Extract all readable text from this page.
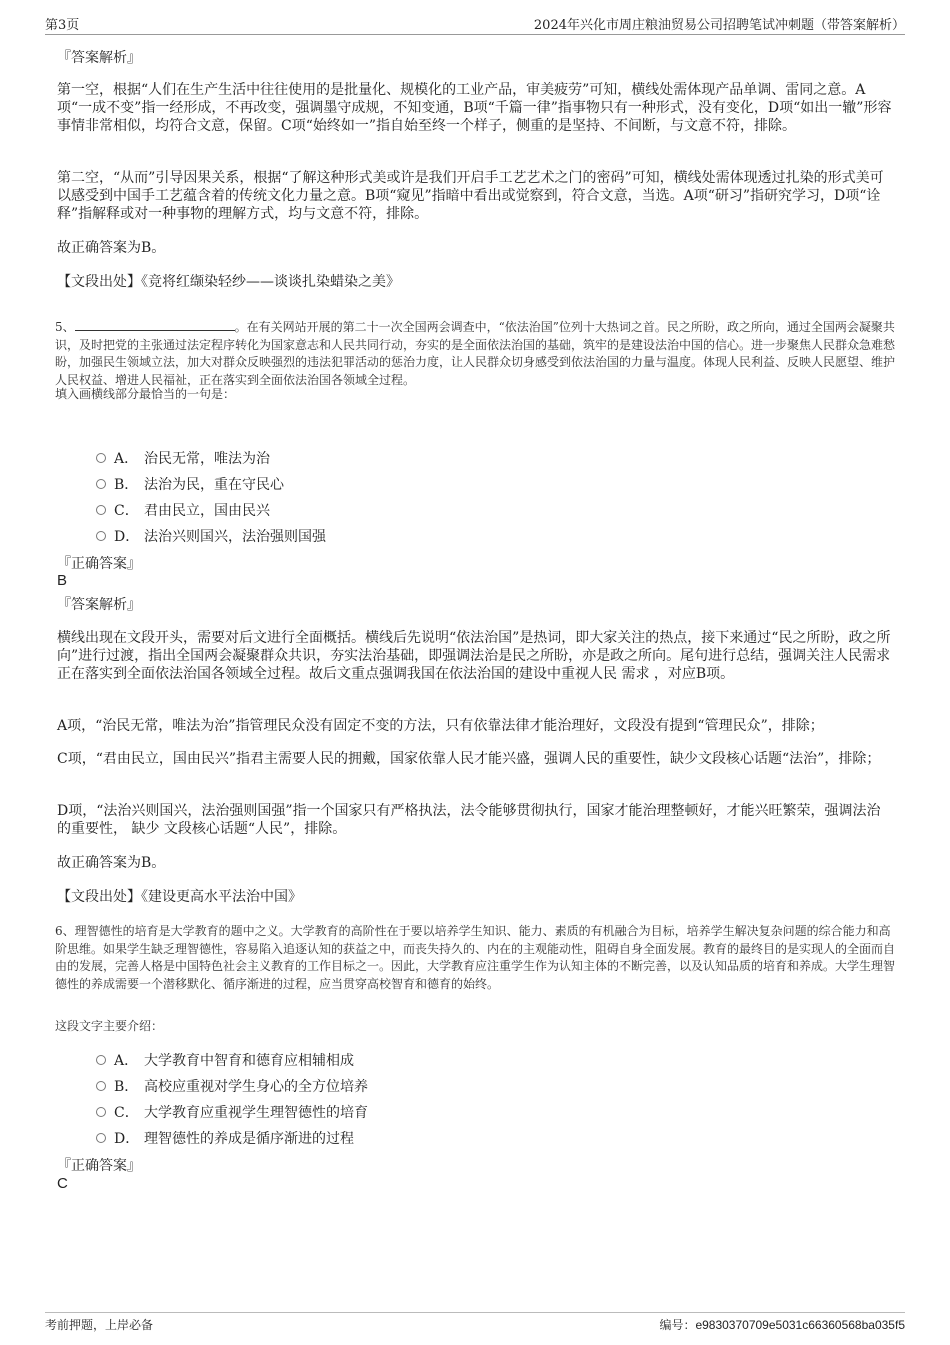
第3页	2024年兴化市周庄粮油贸易公司招聘笔试冲刺题（带答案解析）
『答案解析』
第一空，根据“人们在生产生活中往往使用的是批量化、规模化的工业产品，审美疲劳”可知，横线处需体现产品单调、雷同之意。A项“一成不变”指一经形成，不再改变，强调墨守成规，不知变通，B项“千篇一律”指事物只有一种形式，没有变化，D项“如出一辙”形容事情非常相似，均符合文意，保留。C项“始终如一”指自始至终一个样子，侧重的是坚持、不间断，与文意不符，排除。
第二空，“从而”引导因果关系，根据“了解这种形式美或许是我们开启手工艺艺术之门的密码”可知，横线处需体现透过扎染的形式美可以感受到中国手工艺蕴含着的传统文化力量之意。B项“窥见”指暗中看出或觉察到，符合文意，当选。A项“研习”指研究学习，D项“诠释”指解释或对一种事物的理解方式，均与文意不符，排除。
故正确答案为B。
【文段出处】《竞将红缬染轻纱——谈谈扎染蜡染之美》
5、	。在有关网站开展的第二十一次全国两会调查中，“依法治国”位列十大热词之首。民之所盼，政之所向，通过全国两会凝聚共识，及时把党的主张通过法定程序转化为国家意志和人民共同行动，夯实的是全面依法治国的基础，筑牢的是建设法治中国的信心。进一步聚焦人民群众急难愁盼，加强民生领域立法，加大对群众反映强烈的违法犯罪活动的惩治力度，让人民群众切身感受到依法治国的力量与温度。体现人民利益、反映人民愿望、维护人民权益、增进人民福祉，正在落实到全面依法治国各领域全过程。
填入画横线部分最恰当的一句是：
A． 治民无常，唯法为治
B． 法治为民，重在守民心
C． 君由民立，国由民兴
D． 法治兴则国兴，法治强则国强
『正确答案』
B
『答案解析』
横线出现在文段开头，需要对后文进行全面概括。横线后先说明“依法治国”是热词，即大家关注的热点，接下来通过“民之所盼，政之所向”进行过渡，指出全国两会凝聚群众共识，夯实法治基础，即强调法治是民之所盼，亦是政之所向。尾句进行总结，强调关注人民需求正在落实到全面依法治国各领域全过程。故后文重点强调我国在依法治国的建设中重视人民 需求 ，对应B项。
A项，“治民无常，唯法为治”指管理民众没有固定不变的方法，只有依靠法律才能治理好，文段没有提到“管理民众”，排除；
C项，“君由民立，国由民兴”指君主需要人民的拥戴，国家依靠人民才能兴盛，强调人民的重要性，缺少文段核心话题“法治”，排除；
D项，“法治兴则国兴，法治强则国强”指一个国家只有严格执法，法令能够贯彻执行，国家才能治理整顿好，才能兴旺繁荣，强调法治的重要性， 缺少 文段核心话题“人民”，排除。
故正确答案为B。
【文段出处】《建设更高水平法治中国》
6、理智德性的培育是大学教育的题中之义。大学教育的高阶性在于要以培养学生知识、能力、素质的有机融合为目标，培养学生解决复杂问题的综合能力和高阶思维。如果学生缺乏理智德性，容易陷入追逐认知的获益之中，而丧失持久的、内在的主观能动性，阻碍自身全面发展。教育的最终目的是实现人的全面而自由的发展，完善人格是中国特色社会主义教育的工作目标之一。因此，大学教育应注重学生作为认知主体的不断完善，以及认知品质的培育和养成。大学生理智德性的养成需要一个潜移默化、循序渐进的过程，应当贯穿高校智育和德育的始终。
这段文字主要介绍：
A． 大学教育中智育和德育应相辅相成
B． 高校应重视对学生身心的全方位培养
C． 大学教育应重视学生理智德性的培育
D． 理智德性的养成是循序渐进的过程
『正确答案』
C
考前押题，上岸必备	编号：e9830370709e5031c66360568ba035f5
